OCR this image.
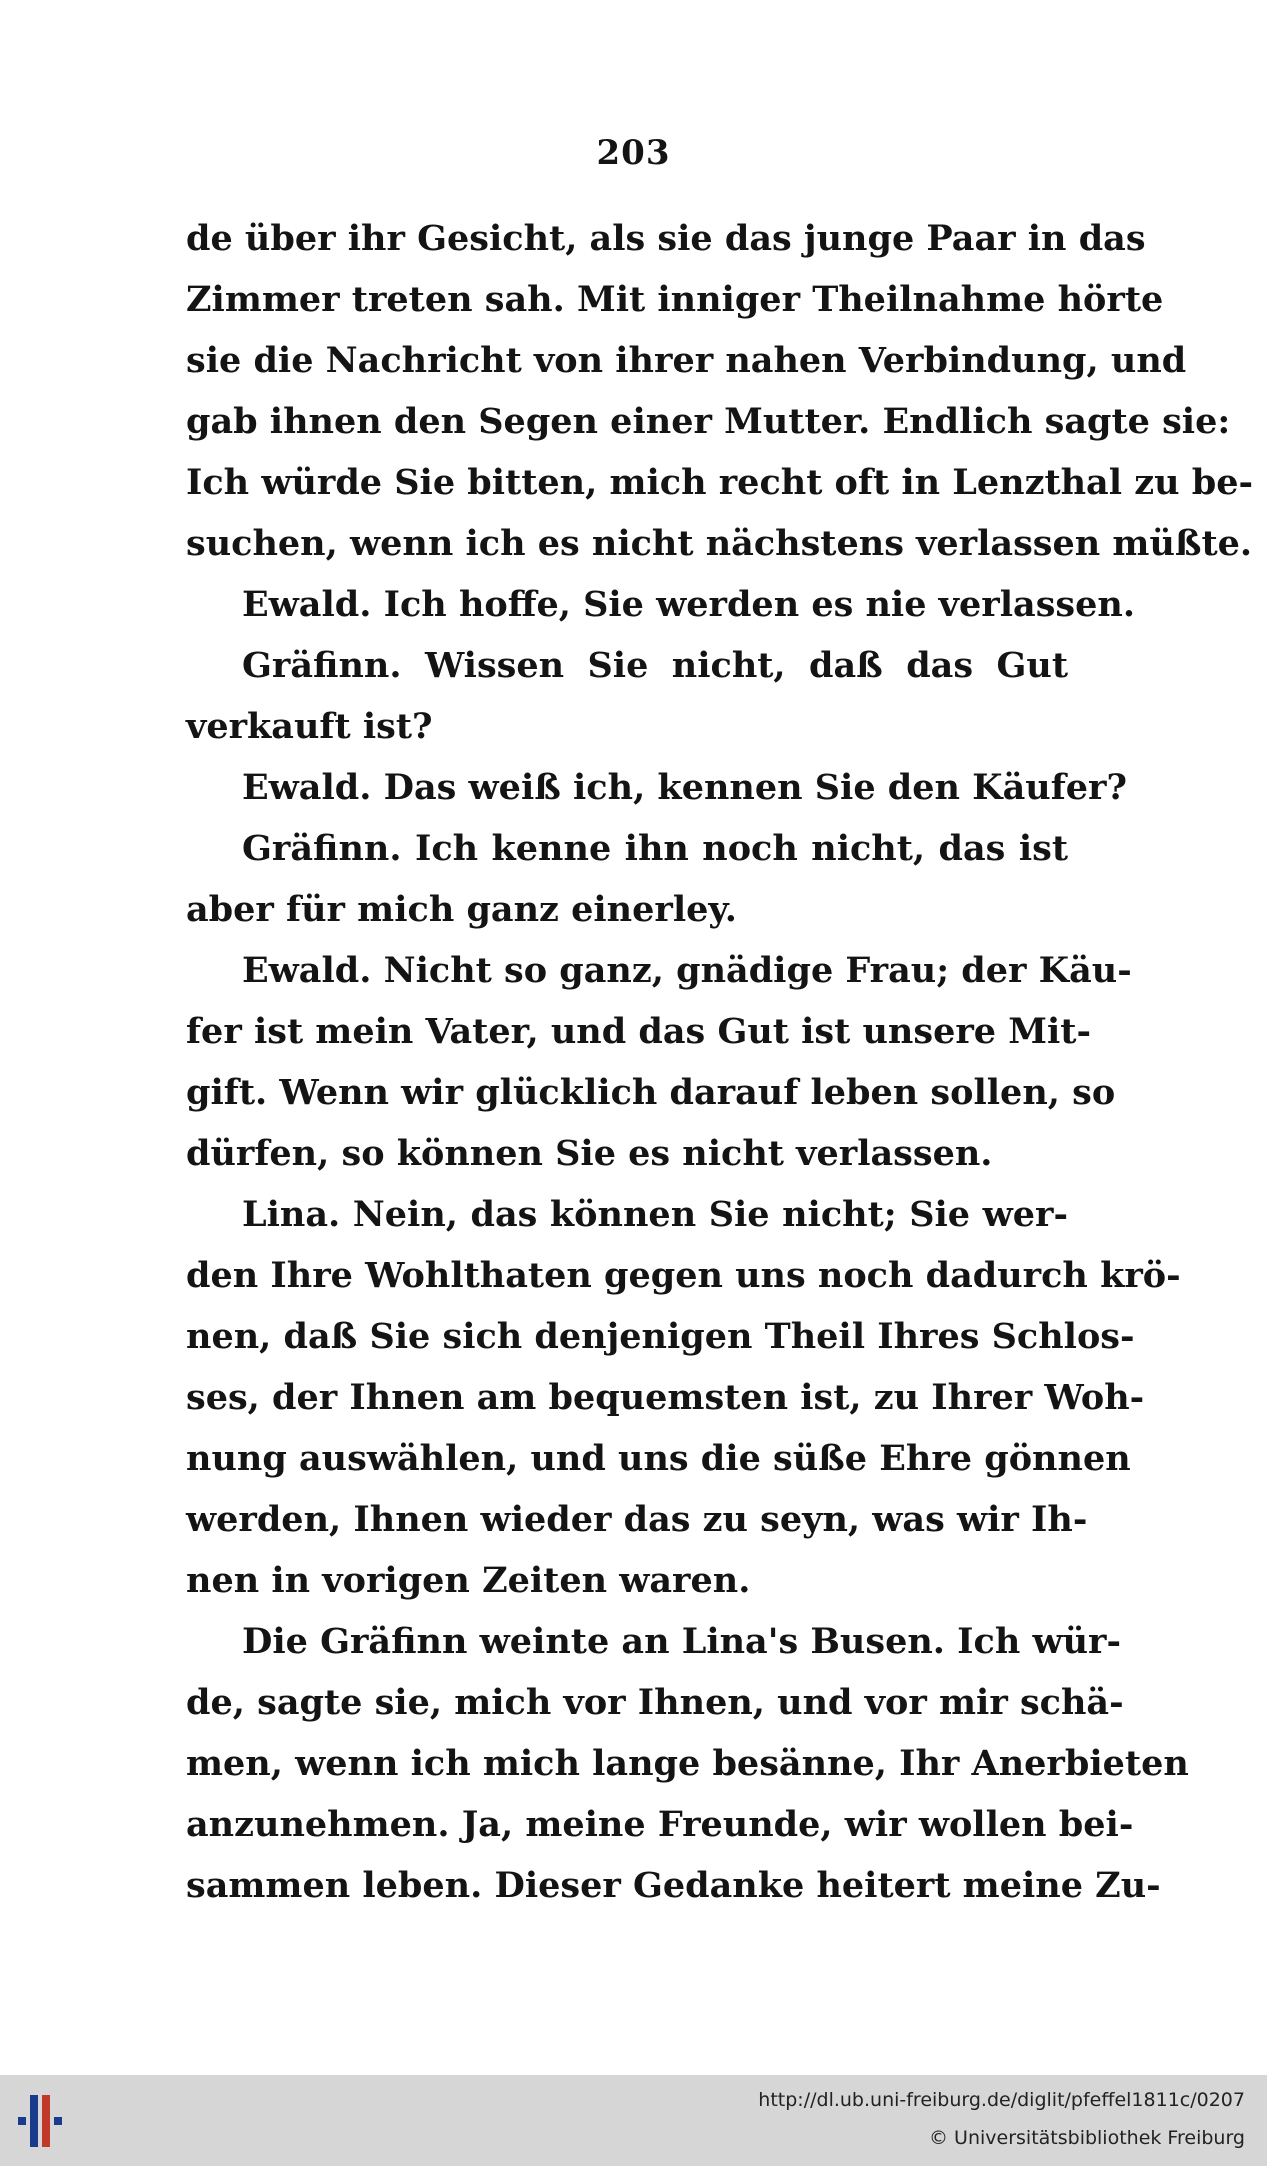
203
de über ihr Gesicht, als sie das junge Paar in das
Zimmer treten sah. Mit inniger Theilnahme hörte
sie die Nachricht von ihrer nahen Verbindung, und
gab ihnen den Segen einer Mutter. Endlich sagte sie:
Ich würde Sie bitten, mich recht oft in Lenzthal zu be-
suchen, wenn ich es nicht nächstens verlassen müßte.
Ewald. Ich hoffe, Sie werden es nie verlassen.
Gräfinn. Wissen Sie nicht, daß das Gut
verkauft ist?
Ewald. Das weiß ich, kennen Sie den Käufer?
Gräfinn. Ich kenne ihn noch nicht, das ist
aber für mich ganz einerley.
Ewald. Nicht so ganz, gnädige Frau; der Käu-
fer ist mein Vater, und das Gut ist unsere Mit-
gift. Wenn wir glücklich darauf leben sollen, so
dürfen, so können Sie es nicht verlassen.
Lina. Nein, das können Sie nicht; Sie wer-
den Ihre Wohlthaten gegen uns noch dadurch krö-
nen, daß Sie sich denjenigen Theil Ihres Schlos-
ses, der Ihnen am bequemsten ist, zu Ihrer Woh-
nung auswählen, und uns die süße Ehre gönnen
werden, Ihnen wieder das zu seyn, was wir Ih-
nen in vorigen Zeiten waren.
Die Gräfinn weinte an Lina's Busen. Ich wür-
de, sagte sie, mich vor Ihnen, und vor mir schä-
men, wenn ich mich lange besänne, Ihr Anerbieten
anzunehmen. Ja, meine Freunde, wir wollen bei-
sammen leben. Dieser Gedanke heitert meine Zu-
http://dl.ub.uni-freiburg.de/diglit/pfeffel1811c/0207
© Universitätsbibliothek Freiburg
